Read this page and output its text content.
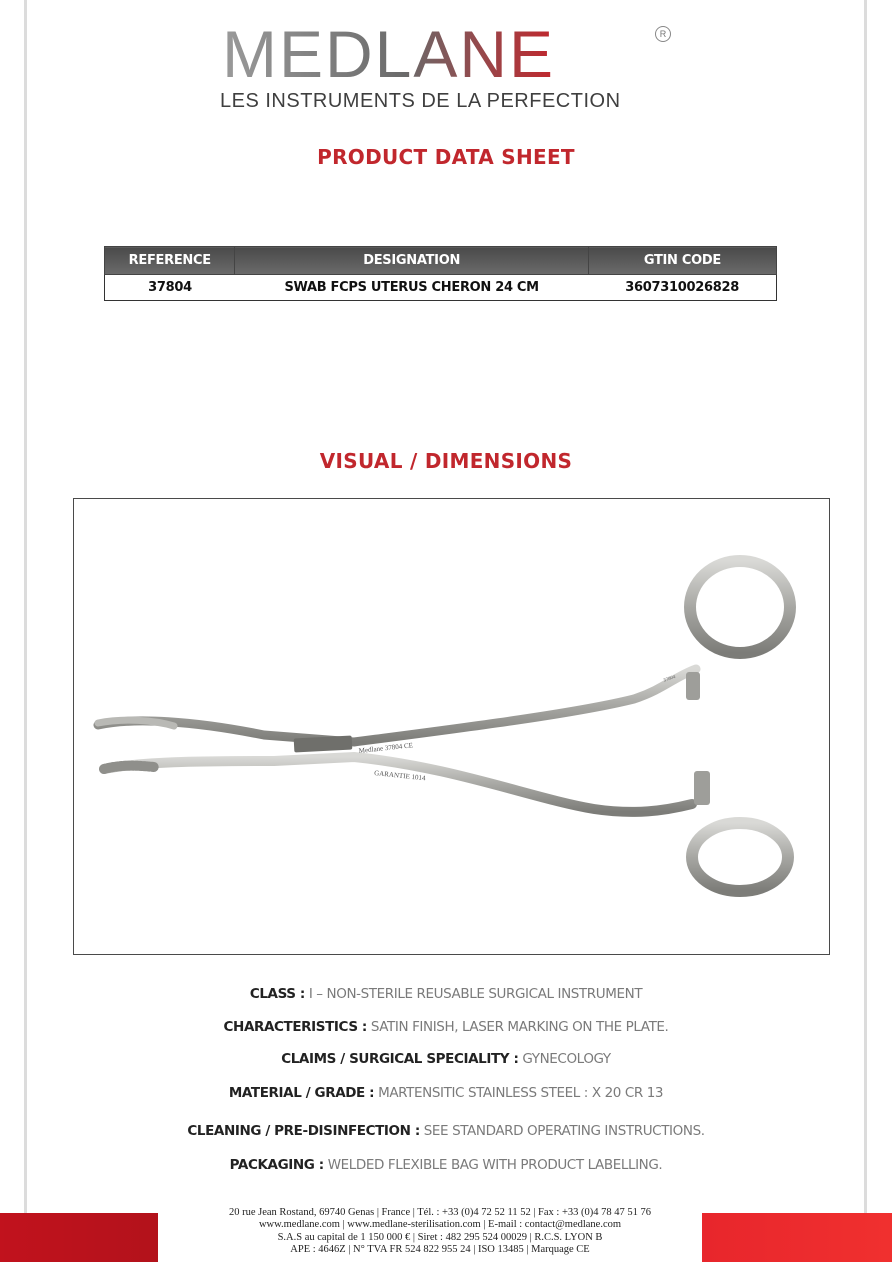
MEDLANE	R
LES INSTRUMENTS DE LA PERFECTION
PRODUCT DATA SHEET
REFERENCE	DESIGNATION	GTIN CODE
37804	SWAB FCPS UTERUS CHERON 24 CM	3607310026828
VISUAL / DIMENSIONS
Medlane 37804 CE
GARANTIE 1014
37804
CLASS : I – NON-STERILE REUSABLE SURGICAL INSTRUMENT
CHARACTERISTICS : SATIN FINISH, LASER MARKING ON THE PLATE.
CLAIMS / SURGICAL SPECIALITY : GYNECOLOGY
MATERIAL / GRADE : MARTENSITIC STAINLESS STEEL : X 20 CR 13
CLEANING / PRE-DISINFECTION : SEE STANDARD OPERATING INSTRUCTIONS.
PACKAGING : WELDED FLEXIBLE BAG WITH PRODUCT LABELLING.
20 rue Jean Rostand, 69740 Genas | France | Tél. : +33 (0)4 72 52 11 52 | Fax : +33 (0)4 78 47 51 76
www.medlane.com | www.medlane-sterilisation.com | E-mail : contact@medlane.com
S.A.S au capital de 1 150 000 € | Siret : 482 295 524 00029 | R.C.S. LYON B
APE : 4646Z | N° TVA FR 524 822 955 24 | ISO 13485 | Marquage CE
